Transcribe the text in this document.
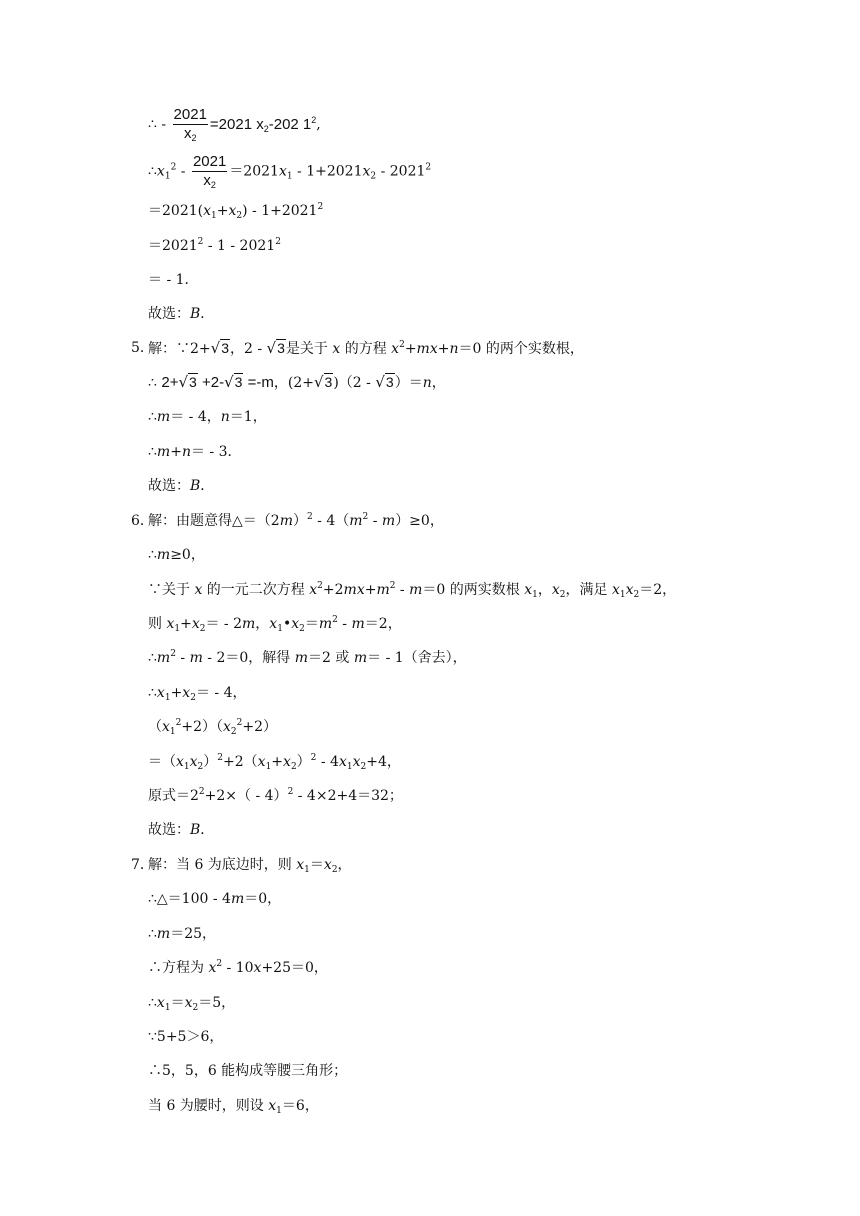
∴ - $\frac{2021}{x_2} =2021$ $x_2-202$ $1^2$,
$\therefore x_1^2 - \frac{2021}{x_2} =2021x_1 - 1+2021x_2 - 2021^2$
$=2021(x_1+x_2) - 1+2021^2$
$=2021^2 - 1 - 2021^2$
＝ - 1．
故选：B．
5．
解：∵2+√3，2 - √3是关于 x 的方程 $x^2+mx+n=0$ 的两个实数根，
∴ 2+√3 +2-√3 =-m，(2+√3)（2 - √3）＝n，
∴m＝ - 4，n＝1，
∴m+n＝ - 3．
故选：B．
6．
解：由题意得$\triangle=(2m)^2 - 4(m^2 - m)\ge 0$，
∴m≥0，
∵关于 x 的一元二次方程 $x^2+2mx+m^2 - m=0$ 的两实数根 $x_1$，$x_2$，满足 $x_1x_2=2$，
则 $x_1+x_2= - 2m$，$x_1•x_2=m^2 - m=2$，
$\therefore m^2 - m - 2=0$，解得 m＝2 或 m＝ - 1（舍去），
$\therefore x_1+x_2= - 4$，
$(x_1^2+2)(x_2^2+2)$
$=(x_1x_2)^2+2(x_1+x_2)^2 - 4x_1x_2+4$，
原式$=2^2+2\times( - 4)^2 - 4\times 2+4=32$；
故选：B．
7．
解：当 6 为底边时，则 $x_1=x_2$，
∴△＝100 - 4m＝0，
∴m＝25，
∴方程为 $x^2 - 10x+25=0$，
$\therefore x_1=x_2=5$，
∵5+5＞6，
∴5，5，6 能构成等腰三角形；
当 6 为腰时，则设 $x_1=6$，
